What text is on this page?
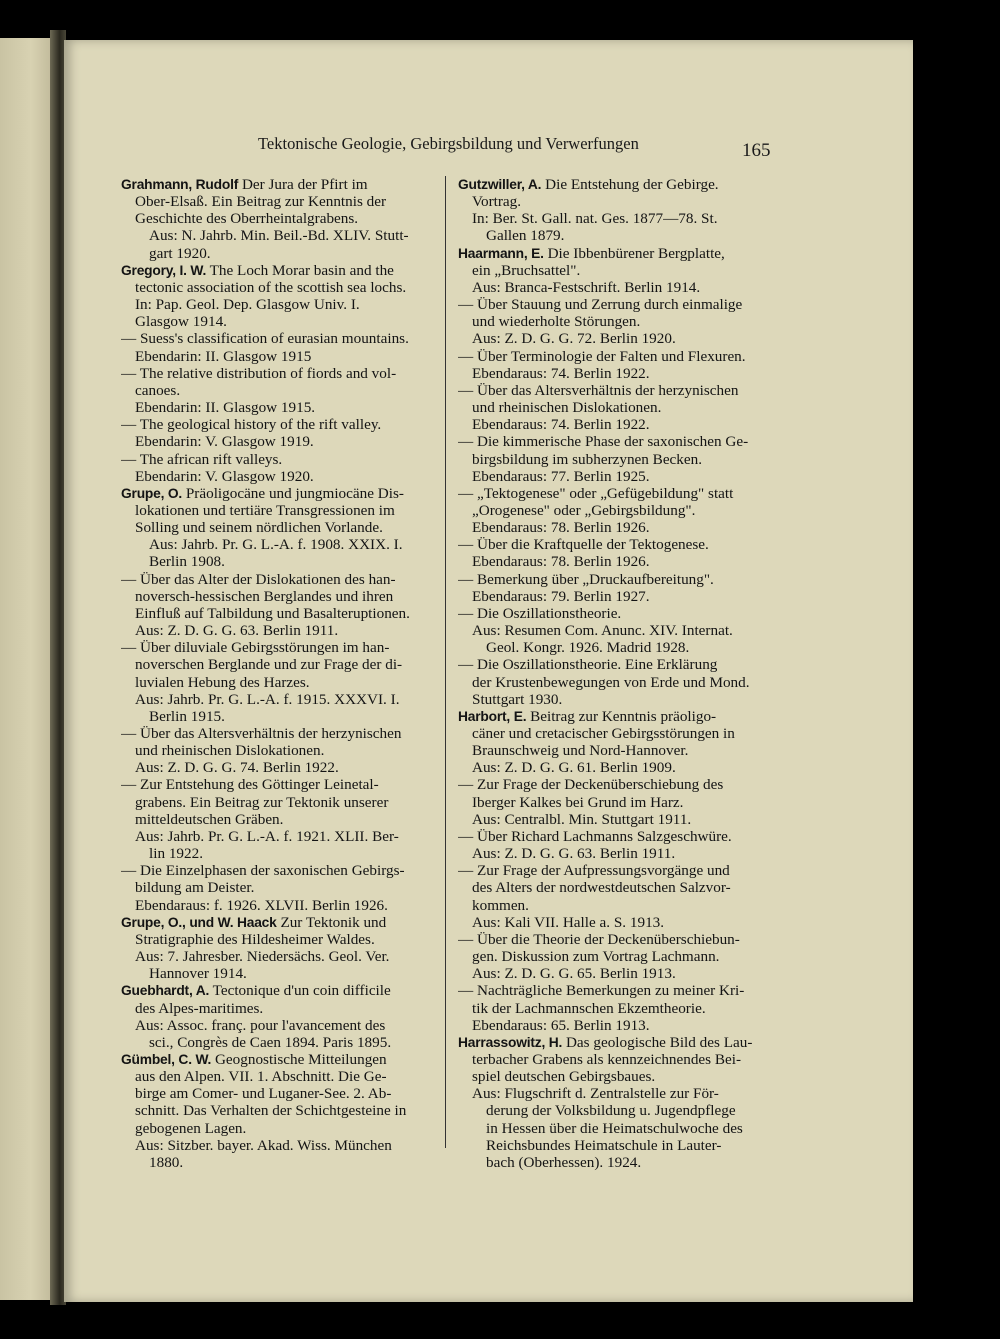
Tektonische Geologie, Gebirgsbildung und Verwerfungen	165
Grahmann, Rudolf Der Jura der Pfirt im
Ober-Elsaß. Ein Beitrag zur Kenntnis der
Geschichte des Oberrheintalgrabens.
Aus: N. Jahrb. Min. Beil.-Bd. XLIV. Stutt-
gart 1920.
Gregory, I. W. The Loch Morar basin and the
tectonic association of the scottish sea lochs.
In: Pap. Geol. Dep. Glasgow Univ. I.
Glasgow 1914.
— Suess's classification of eurasian mountains.
Ebendarin: II. Glasgow 1915
— The relative distribution of fiords and vol-
canoes.
Ebendarin: II. Glasgow 1915.
— The geological history of the rift valley.
Ebendarin: V. Glasgow 1919.
— The african rift valleys.
Ebendarin: V. Glasgow 1920.
Grupe, O. Präoligocäne und jungmiocäne Dis-
lokationen und tertiäre Transgressionen im
Solling und seinem nördlichen Vorlande.
Aus: Jahrb. Pr. G. L.-A. f. 1908. XXIX. I.
Berlin 1908.
— Über das Alter der Dislokationen des han-
noversch-hessischen Berglandes und ihren
Einfluß auf Talbildung und Basalteruptionen.
Aus: Z. D. G. G. 63. Berlin 1911.
— Über diluviale Gebirgsstörungen im han-
noverschen Berglande und zur Frage der di-
luvialen Hebung des Harzes.
Aus: Jahrb. Pr. G. L.-A. f. 1915. XXXVI. I.
Berlin 1915.
— Über das Altersverhältnis der herzynischen
und rheinischen Dislokationen.
Aus: Z. D. G. G. 74. Berlin 1922.
— Zur Entstehung des Göttinger Leinetal-
grabens. Ein Beitrag zur Tektonik unserer
mitteldeutschen Gräben.
Aus: Jahrb. Pr. G. L.-A. f. 1921. XLII. Ber-
lin 1922.
— Die Einzelphasen der saxonischen Gebirgs-
bildung am Deister.
Ebendaraus: f. 1926. XLVII. Berlin 1926.
Grupe, O., und W. Haack Zur Tektonik und
Stratigraphie des Hildesheimer Waldes.
Aus: 7. Jahresber. Niedersächs. Geol. Ver.
Hannover 1914.
Guebhardt, A. Tectonique d'un coin difficile
des Alpes-maritimes.
Aus: Assoc. franç. pour l'avancement des
sci., Congrès de Caen 1894. Paris 1895.
Gümbel, C. W. Geognostische Mitteilungen
aus den Alpen. VII. 1. Abschnitt. Die Ge-
birge am Comer- und Luganer-See. 2. Ab-
schnitt. Das Verhalten der Schichtgesteine in
gebogenen Lagen.
Aus: Sitzber. bayer. Akad. Wiss. München
1880.
Gutzwiller, A. Die Entstehung der Gebirge.
Vortrag.
In: Ber. St. Gall. nat. Ges. 1877—78. St.
Gallen 1879.
Haarmann, E. Die Ibbenbürener Bergplatte,
ein „Bruchsattel".
Aus: Branca-Festschrift. Berlin 1914.
— Über Stauung und Zerrung durch einmalige
und wiederholte Störungen.
Aus: Z. D. G. G. 72. Berlin 1920.
— Über Terminologie der Falten und Flexuren.
Ebendaraus: 74. Berlin 1922.
— Über das Altersverhältnis der herzynischen
und rheinischen Dislokationen.
Ebendaraus: 74. Berlin 1922.
— Die kimmerische Phase der saxonischen Ge-
birgsbildung im subherzynen Becken.
Ebendaraus: 77. Berlin 1925.
— „Tektogenese" oder „Gefügebildung" statt
„Orogenese" oder „Gebirgsbildung".
Ebendaraus: 78. Berlin 1926.
— Über die Kraftquelle der Tektogenese.
Ebendaraus: 78. Berlin 1926.
— Bemerkung über „Druckaufbereitung".
Ebendaraus: 79. Berlin 1927.
— Die Oszillationstheorie.
Aus: Resumen Com. Anunc. XIV. Internat.
Geol. Kongr. 1926. Madrid 1928.
— Die Oszillationstheorie. Eine Erklärung
der Krustenbewegungen von Erde und Mond.
Stuttgart 1930.
Harbort, E. Beitrag zur Kenntnis präoligo-
cäner und cretacischer Gebirgsstörungen in
Braunschweig und Nord-Hannover.
Aus: Z. D. G. G. 61. Berlin 1909.
— Zur Frage der Deckenüberschiebung des
Iberger Kalkes bei Grund im Harz.
Aus: Centralbl. Min. Stuttgart 1911.
— Über Richard Lachmanns Salzgeschwüre.
Aus: Z. D. G. G. 63. Berlin 1911.
— Zur Frage der Aufpressungsvorgänge und
des Alters der nordwestdeutschen Salzvor-
kommen.
Aus: Kali VII. Halle a. S. 1913.
— Über die Theorie der Deckenüberschiebun-
gen. Diskussion zum Vortrag Lachmann.
Aus: Z. D. G. G. 65. Berlin 1913.
— Nachträgliche Bemerkungen zu meiner Kri-
tik der Lachmannschen Ekzemtheorie.
Ebendaraus: 65. Berlin 1913.
Harrassowitz, H. Das geologische Bild des Lau-
terbacher Grabens als kennzeichnendes Bei-
spiel deutschen Gebirgsbaues.
Aus: Flugschrift d. Zentralstelle zur För-
derung der Volksbildung u. Jugendpflege
in Hessen über die Heimatschulwoche des
Reichsbundes Heimatschule in Lauter-
bach (Oberhessen). 1924.
